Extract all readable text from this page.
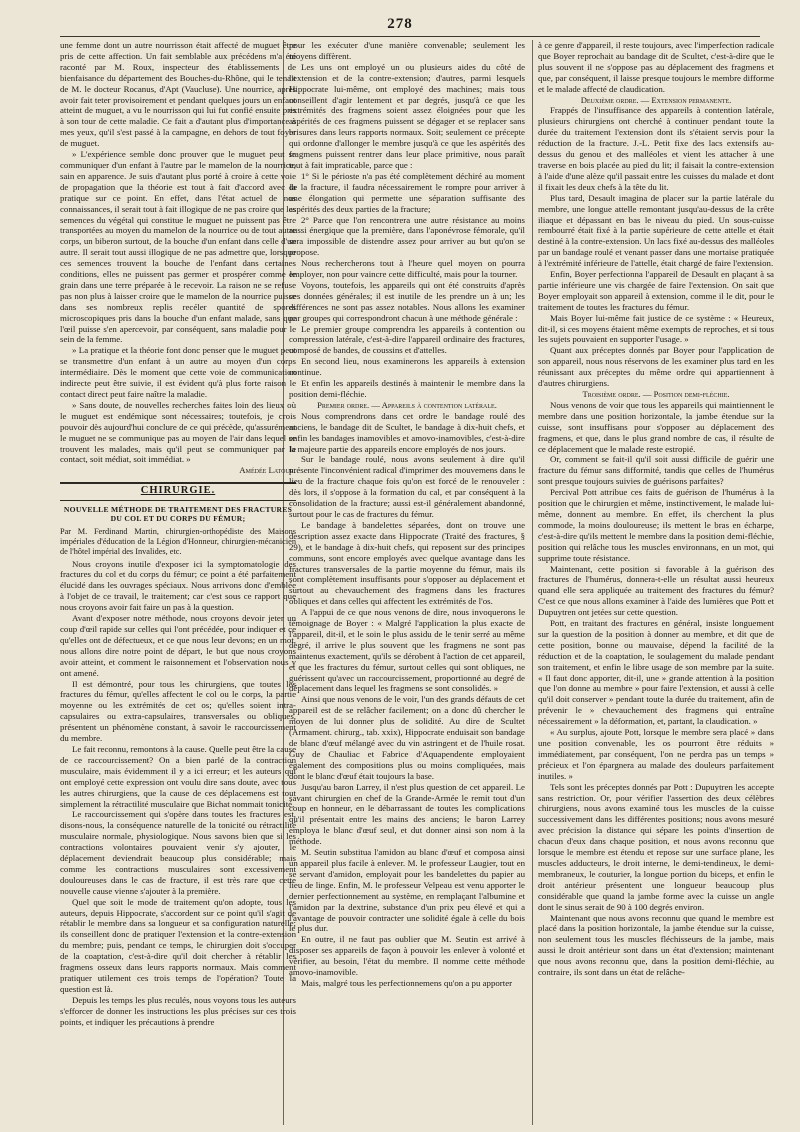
278

une femme dont un autre nourrisson était affecté de muguet être pris de cette affection. Un fait semblable aux précédens m'a été raconté par M. Roux, inspecteur des établissements de bienfaisance du département des Bouches-du-Rhône, qui le tenait de M. le docteur Rocanus, d'Apt (Vaucluse). Une nourrice, après avoir fait teter provisoirement et pendant quelques jours un enfant atteint de muguet, a vu le nourrisson qui lui fut confié ensuite pris à son tour de cette maladie. Ce fait a d'autant plus d'importance à mes yeux, qu'il s'est passé à la campagne, en dehors de tout foyer de muguet.

» L'expérience semble donc prouver que le muguet peut se communiquer d'un enfant à l'autre par le mamelon de la nourrice, sain en apparence. Je suis d'autant plus porté à croire à cette voie de propagation que la théorie est tout à fait d'accord avec la pratique sur ce point. En effet, dans l'état actuel de nos connaissances, il serait tout à fait illogique de ne pas croire que les semences du végétal qui constitue le muguet ne puissent pas être transportées au moyen du mamelon de la nourrice ou de tout autre corps, un biberon surtout, de la bouche d'un enfant dans celle d'un autre. Il serait tout aussi illogique de ne pas admettre que, lorsque ces semences trouvent la bouche de l'enfant dans certaines conditions, elles ne puissent pas germer et prospérer comme le grain dans une terre préparée à le recevoir. La raison ne se refuse pas non plus à laisser croire que le mamelon de la nourrice puisse dans ses nombreux replis recéler quantité de spores microscopiques pris dans la bouche d'un enfant malade, sans que l'œil puisse s'en apercevoir, par conséquent, sans maladie pour le sein de la femme.

» La pratique et la théorie font donc penser que le muguet peut se transmettre d'un enfant à un autre au moyen d'un corps intermédiaire. Dès le moment que cette voie de communication indirecte peut être suivie, il est évident qu'à plus forte raison le contact direct peut faire naître la maladie.

» Sans doute, de nouvelles recherches faites loin des lieux où le muguet est endémique sont nécessaires; toutefois, je crois pouvoir dès aujourd'hui conclure de ce qui précède, qu'assurément le muguet ne se communique pas au moyen de l'air dans lequel se trouvent les malades, mais qu'il peut se communiquer par le contact, soit médiat, soit immédiat. »

Amédée Latour.

CHIRURGIE.
NOUVELLE MÉTHODE DE TRAITEMENT DES FRACTURES DU COL ET DU CORPS DU FÉMUR;

Par M. Ferdinand Martin, chirurgien-orthopédiste des Maisons impériales d'éducation de la Légion d'Honneur, chirurgien-mécanicien de l'hôtel impérial des Invalides, etc.

Nous croyons inutile d'exposer ici la symptomatologie des fractures du col et du corps du fémur; ce point a été parfaitement élucidé dans les ouvrages spéciaux. Nous arrivons donc d'emblée à l'objet de ce travail, le traitement; car c'est sous ce rapport que nous croyons avoir fait faire un pas à la question.

Avant d'exposer notre méthode, nous croyons devoir jeter un coup d'œil rapide sur celles qui l'ont précédée, pour indiquer et ce qu'elles ont de défectueux, et ce que nous leur devons; en un mot, nous allons dire notre point de départ, le but que nous croyons avoir atteint, et comment le raisonnement et l'observation nous y ont amené.

Il est démontré, pour tous les chirurgiens, que toutes les fractures du fémur, qu'elles affectent le col ou le corps, la partie moyenne ou les extrémités de cet os; qu'elles soient intra-capsulaires ou extra-capsulaires, transversales ou obliques, présentent un phénomène constant, à savoir le raccourcissement du membre.

Le fait reconnu, remontons à la cause. Quelle peut être la cause de ce raccourcissement? On a bien parlé de la contraction musculaire, mais évidemment il y a ici erreur; et les auteurs qui ont employé cette expression ont voulu dire sans doute, avec tous les autres chirurgiens, que la cause de ces déplacemens est tout simplement la rétractilité musculaire que Bichat nommait tonicité.

Le raccourcissement qui s'opère dans toutes les fractures est, disons-nous, la conséquence naturelle de la tonicité ou rétractilité musculaire normale, physiologique. Nous savons bien que si les contractions volontaires pouvaient venir s'y ajouter, le déplacement deviendrait beaucoup plus considérable; mais comme les contractions musculaires sont excessivement douloureuses dans le cas de fracture, il est très rare que cette nouvelle cause vienne s'ajouter à la première.

Quel que soit le mode de traitement qu'on adopte, tous les auteurs, depuis Hippocrate, s'accordent sur ce point qu'il s'agit de rétablir le membre dans sa longueur et sa configuration naturelle; ils conseillent donc de pratiquer l'extension et la contre-extension du membre; puis, pendant ce temps, le chirurgien doit s'occuper de la coaptation, c'est-à-dire qu'il doit chercher à rétablir les fragmens osseux dans leurs rapports normaux. Mais comment pratiquer utilement ces trois temps de l'opération? Toute la question est là.

Depuis les temps les plus reculés, nous voyons tous les auteurs s'efforcer de donner les instructions les plus précises sur ces trois points, et indiquer les précautions à prendre

pour les exécuter d'une manière convenable; seulement les moyens diffèrent.

Les uns ont employé un ou plusieurs aides du côté de l'extension et de la contre-extension; d'autres, parmi lesquels Hippocrate lui-même, ont employé des machines; mais tous conseillent d'agir lentement et par degrés, jusqu'à ce que les extrémités des fragmens soient assez éloignées pour que les aspérités de ces fragmens puissent se dégager et se replacer sans brisures dans leurs rapports normaux. Soit; seulement ce précepte qui ordonne d'allonger le membre jusqu'à ce que les aspérités des fragmens puissent rentrer dans leur place primitive, nous paraît tout à fait impraticable, parce que :

1° Si le périoste n'a pas été complètement déchiré au moment de la fracture, il faudra nécessairement le rompre pour arriver à une élongation qui permette une séparation suffisante des aspérités des deux parties de la fracture;

2° Parce que l'on rencontrera une autre résistance au moins aussi énergique que la première, dans l'aponévrose fémorale, qu'il sera impossible de distendre assez pour arriver au but qu'on se propose.

Nous rechercherons tout à l'heure quel moyen on pourra employer, non pour vaincre cette difficulté, mais pour la tourner.

Voyons, toutefois, les appareils qui ont été construits d'après ces données générales; il est inutile de les prendre un à un; les différences ne sont pas assez notables. Nous allons les examiner par groupes qui correspondront chacun à une méthode générale :

Le premier groupe comprendra les appareils à contention ou compression latérale, c'est-à-dire l'appareil ordinaire des fractures, composé de bandes, de coussins et d'attelles.

En second lieu, nous examinerons les appareils à extension continue.

Et enfin les appareils destinés à maintenir le membre dans la position demi-fléchie.

Premier ordre. — Appareils à contention latérale.

Nous comprendrons dans cet ordre le bandage roulé des anciens, le bandage dit de Scultet, le bandage à dix-huit chefs, et enfin les bandages inamovibles et amovo-inamovibles, c'est-à-dire la majeure partie des appareils encore employés de nos jours.

Sur le bandage roulé, nous avons seulement à dire qu'il présente l'inconvénient radical d'imprimer des mouvemens dans le lieu de la fracture chaque fois qu'on est forcé de le renouveler : dès lors, il s'oppose à la formation du cal, et par conséquent à la consolidation de la fracture; aussi est-il généralement abandonné, surtout pour le cas de fractures du fémur.

Le bandage à bandelettes séparées, dont on trouve une description assez exacte dans Hippocrate (Traité des fractures, § 29), et le bandage à dix-huit chefs, qui reposent sur des principes communs, sont encore employés avec quelque avantage dans les fractures transversales de la partie moyenne du fémur, mais ils sont complètement insuffisants pour s'opposer au déplacement et surtout au chevauchement des fragmens dans les fractures obliques et dans celles qui affectent les extrémités de l'os.

A l'appui de ce que nous venons de dire, nous invoquerons le témoignage de Boyer : « Malgré l'application la plus exacte de l'appareil, dit-il, et le soin le plus assidu de le tenir serré au même degré, il arrive le plus souvent que les fragmens ne sont pas maintenus exactement, qu'ils se dérobent à l'action de cet appareil, et que les fractures du fémur, surtout celles qui sont obliques, ne guérissent qu'avec un raccourcissement, proportionné au degré de déplacement dans lequel les fragmens se sont consolidés. »

Ainsi que nous venons de le voir, l'un des grands défauts de cet appareil est de se relâcher facilement; on a donc dû chercher le moyen de lui donner plus de solidité. Au dire de Scultet (Armament. chirurg., tab. xxix), Hippocrate enduisait son bandage de blanc d'œuf mélangé avec du vin astringent et de l'huile rosat. Guy de Chauliac et Fabrice d'Aquapendente employaient également des compositions plus ou moins compliquées, mais dont le blanc d'œuf était toujours la base.

Jusqu'au baron Larrey, il n'est plus question de cet appareil. Le savant chirurgien en chef de la Grande-Armée le remit tout d'un coup en honneur, en le débarrassant de toutes les complications qu'il présentait entre les mains des anciens; le baron Larrey employa le blanc d'œuf seul, et dut donner ainsi son nom à la méthode.

M. Seutin substitua l'amidon au blanc d'œuf et composa ainsi un appareil plus facile à enlever. M. le professeur Laugier, tout en se servant d'amidon, employait pour les bandelettes du papier au lieu de linge. Enfin, M. le professeur Velpeau est venu apporter le dernier perfectionnement au système, en remplaçant l'albumine et l'amidon par la dextrine, substance d'un prix peu élevé et qui a l'avantage de pouvoir contracter une solidité égale à celle du bois le plus dur.

En outre, il ne faut pas oublier que M. Seutin est arrivé à disposer ses appareils de façon à pouvoir les enlever à volonté et vérifier, au besoin, l'état du membre. Il nomme cette méthode amovo-inamovible.

Mais, malgré tous les perfectionnemens qu'on a pu apporter

à ce genre d'appareil, il reste toujours, avec l'imperfection radicale que Boyer reprochait au bandage dit de Scultet, c'est-à-dire que le plus souvent il ne s'oppose pas au déplacement des fragmens et que, par conséquent, il laisse presque toujours le membre difforme et le malade affecté de claudication.

Deuxième ordre. — Extension permanente.

Frappés de l'insuffisance des appareils à contention latérale, plusieurs chirurgiens ont cherché à continuer pendant toute la durée du traitement l'extension dont ils s'étaient servis pour la réduction de la fracture. J.-L. Petit fixe des lacs extensifs au-dessus du genou et des malléoles et vient les attacher à une traverse en bois placée au pied du lit; il faisait la contre-extension à l'aide d'une alèze qu'il passait entre les cuisses du malade et dont il fixait les deux chefs à la tête du lit.

Plus tard, Desault imagina de placer sur la partie latérale du membre, une longue attelle remontant jusqu'au-dessus de la crête iliaque et dépassant en bas le niveau du pied. Un sous-cuisse rembourré était fixé à la partie supérieure de cette attelle et était destiné à la contre-extension. Un lacs fixé au-dessus des malléoles par un bandage roulé et venant passer dans une mortaise pratiquée à l'extrémité inférieure de l'attelle, était chargé de faire l'extension.

Enfin, Boyer perfectionna l'appareil de Desault en plaçant à sa partie inférieure une vis chargée de faire l'extension. On sait que Boyer employait son appareil à extension, comme il le dit, pour le traitement de toutes les fractures du fémur.

Mais Boyer lui-même fait justice de ce système : « Heureux, dit-il, si ces moyens étaient même exempts de reproches, et si tous les sujets pouvaient en supporter l'usage. »

Quant aux préceptes donnés par Boyer pour l'application de son appareil, nous nous réservons de les examiner plus tard en les réunissant aux préceptes du même ordre qui appartiennent à d'autres chirurgiens.

Troisième ordre. — Position demi-fléchie.

Nous venons de voir que tous les appareils qui maintiennent le membre dans une position horizontale, la jambe étendue sur la cuisse, sont insuffisans pour s'opposer au déplacement des fragmens, et que, dans le plus grand nombre de cas, il résulte de ce déplacement que le malade reste estropié.

Or, comment se fait-il qu'il soit aussi difficile de guérir une fracture du fémur sans difformité, tandis que celles de l'humérus sont presque toujours suivies de guérisons parfaites?

Percival Pott attribue ces faits de guérison de l'humérus à la position que le chirurgien et même, instinctivement, le malade lui-même, donnent au membre. En effet, ils cherchent la plus commode, la moins douloureuse; ils mettent le bras en écharpe, c'est-à-dire qu'ils mettent le membre dans la position demi-fléchie, position qui relâche tous les muscles environnans, en un mot, qui supprime toute résistance.

Maintenant, cette position si favorable à la guérison des fractures de l'humérus, donnera-t-elle un résultat aussi heureux quand elle sera appliquée au traitement des fractures du fémur? C'est ce que nous allons examiner à l'aide des lumières que Pott et Dupuytren ont jetées sur cette question.

Pott, en traitant des fractures en général, insiste longuement sur la question de la position à donner au membre, et dit que de cette position, bonne ou mauvaise, dépend la facilité de la réduction et de la coaptation, le soulagement du malade pendant son traitement, et enfin le libre usage de son membre par la suite. « Il faut donc apporter, dit-il, une » grande attention à la position que l'on donne au membre » pour faire l'extension, et aussi à celle qu'il doit conserver » pendant toute la durée du traitement, afin de prévenir le » chevauchement des fragmens qui entraîne nécessairement » la déformation, et, partant, la claudication. »

« Au surplus, ajoute Pott, lorsque le membre sera placé » dans une position convenable, les os pourront être réduits » immédiatement, par conséquent, l'on ne perdra pas un temps » précieux et l'on épargnera au malade des douleurs parfaitement inutiles. »

Tels sont les préceptes donnés par Pott : Dupuytren les accepte sans restriction. Or, pour vérifier l'assertion des deux célèbres chirurgiens, nous avons examiné tous les muscles de la cuisse successivement dans les différentes positions; nous avons mesuré avec précision la distance qui sépare les points d'insertion de chacun d'eux dans chaque position, et nous avons reconnu que lorsque le membre est étendu et repose sur une surface plane, les muscles adducteurs, le droit interne, le demi-tendineux, le demi-membraneux, le couturier, la longue portion du biceps, et enfin le droit antérieur présentent une longueur beaucoup plus considérable que quand la jambe forme avec la cuisse un angle dont le sinus serait de 90 à 100 degrés environ.

Maintenant que nous avons reconnu que quand le membre est placé dans la position horizontale, la jambe étendue sur la cuisse, non seulement tous les muscles fléchisseurs de la jambe, mais aussi le droit antérieur sont dans un état d'extension; maintenant que nous avons reconnu que, dans la position demi-fléchie, au contraire, ils sont dans un état de relâche-
